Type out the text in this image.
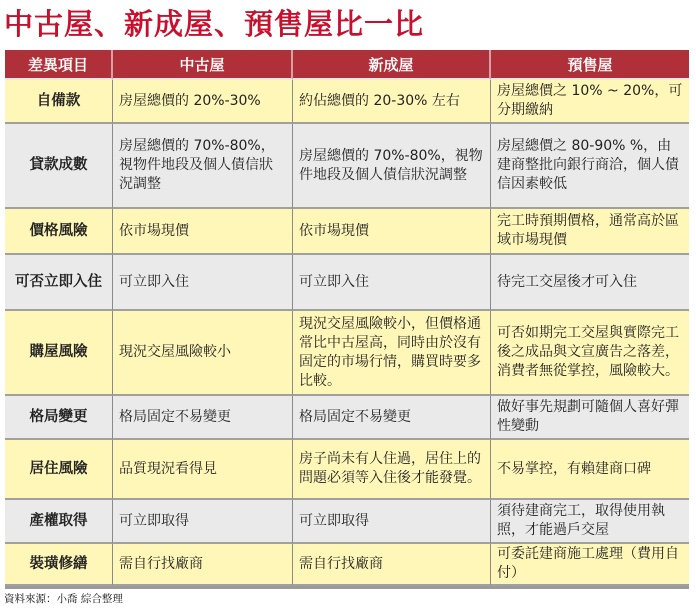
中古屋、新成屋、預售屋比一比
差異項目	中古屋	新成屋	預售屋
自備款	房屋總價的 20%-30%	約佔總價的 20-30% 左右	房屋總價之 10% ~ 20%，可分期繳納
貸款成數	房屋總價的 70%-80%，視物件地段及個人債信狀況調整	房屋總價的 70%-80%，視物件地段及個人債信狀況調整	房屋總價之 80-90% %，由建商整批向銀行商洽，個人債信因素較低
價格風險	依市場現價	依市場現價	完工時預期價格，通常高於區域市場現價
可否立即入住	可立即入住	可立即入住	待完工交屋後才可入住
購屋風險	現況交屋風險較小	現況交屋風險較小，但價格通常比中古屋高，同時由於沒有固定的市場行情，購買時要多比較。	可否如期完工交屋與實際完工後之成品與文宣廣告之落差，消費者無從掌控，風險較大。
格局變更	格局固定不易變更	格局固定不易變更	做好事先規劃可隨個人喜好彈性變動
居住風險	品質現況看得見	房子尚未有人住過，居住上的問題必須等入住後才能發覺。	不易掌控，有賴建商口碑
產權取得	可立即取得	可立即取得	須待建商完工，取得使用執照，才能過戶交屋
裝璜修繕	需自行找廠商	需自行找廠商	可委託建商施工處理（費用自付）
資料來源：小喬 綜合整理
